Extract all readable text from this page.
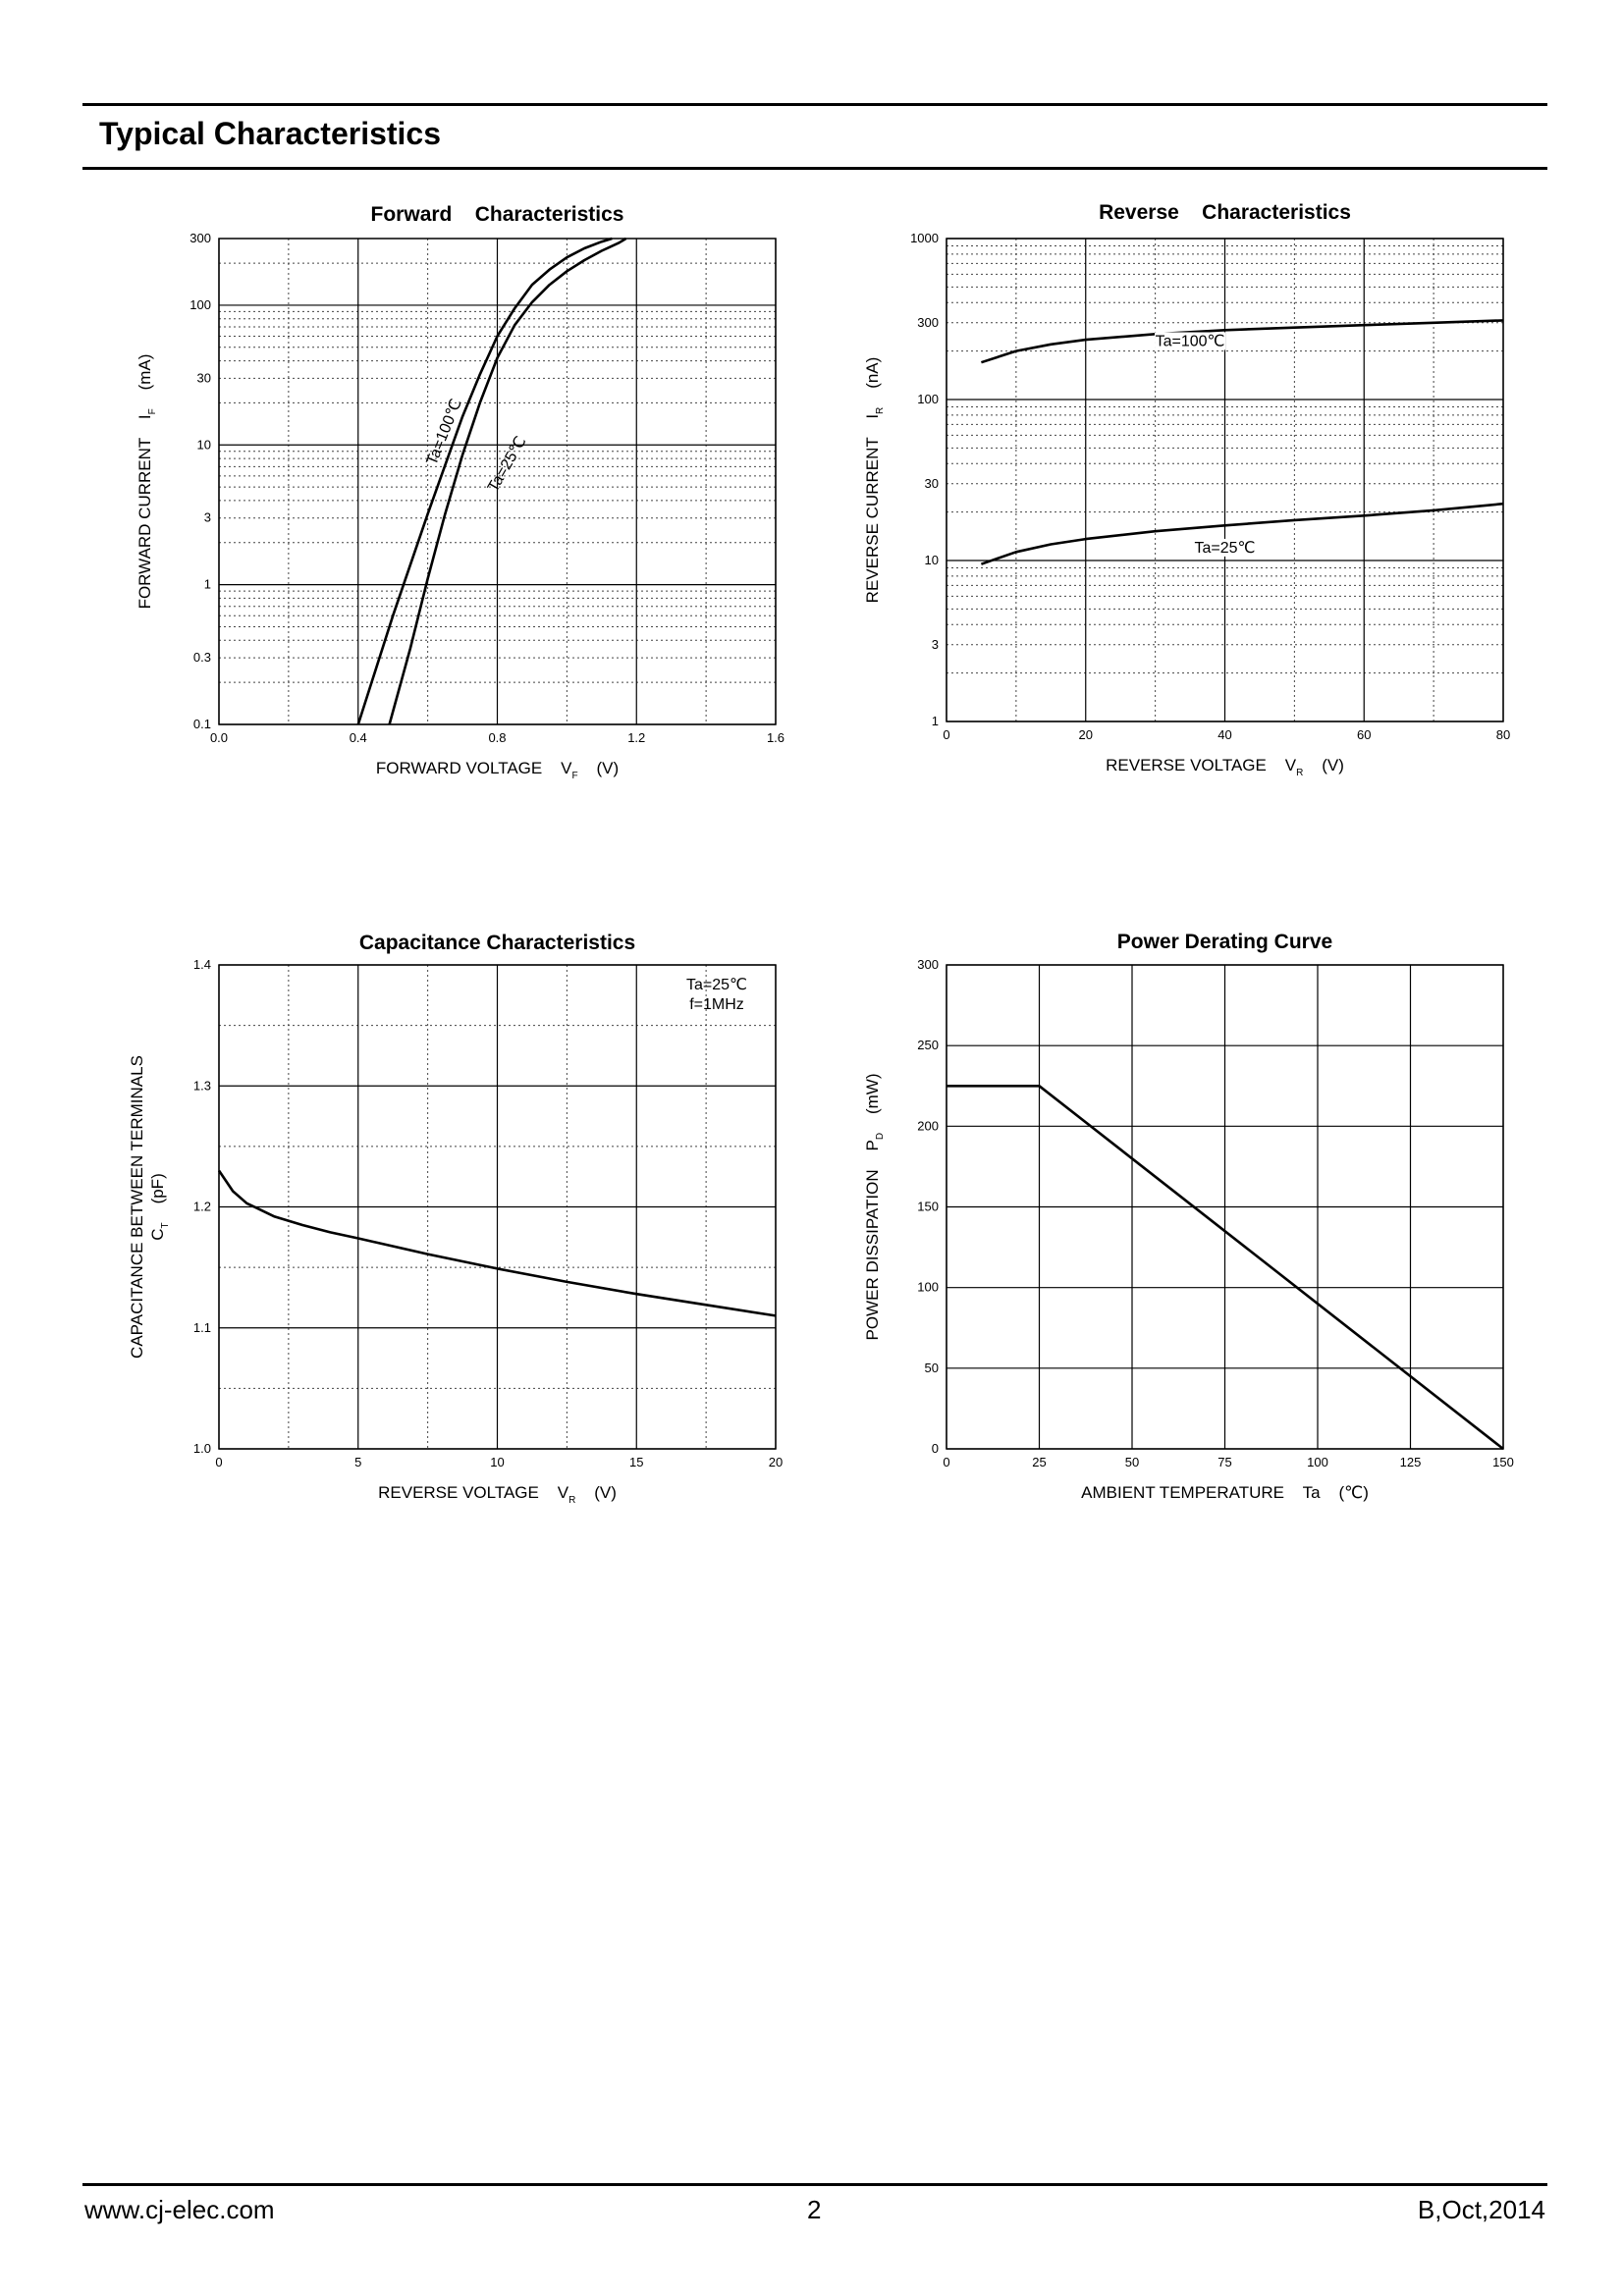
Typical Characteristics
0.0	0.4	0.8	1.2	1.6
0.1
0.3
1
3
10
30
100
300
Forward    Characteristics
FORWARD VOLTAGE    $V_F$    (V)
FORWARD CURRENT    $I_F$    (mA)
Ta=100℃ Ta=25℃
0	20	40	60	80
1
3
10
30
100
300
1000
Reverse    Characteristics
REVERSE VOLTAGE    $V_R$    (V)
REVERSE CURRENT    $I_R$    (nA)
Ta=100℃
Ta=25℃
0	5	10	15	20
1.0
1.1
1.2
1.3
1.4
Capacitance Characteristics
REVERSE VOLTAGE    $V_R$    (V)
CAPACITANCE BETWEEN TERMINALS $C_T$    (pF)
Ta=25℃
f=1MHz
0	25	50	75	100	125	150
0
50
100
150
200
250
300
Power Derating Curve
AMBIENT TEMPERATURE    Ta    (℃)
POWER DISSIPATION    $P_D$    (mW)
www.cj-elec.com	2	B,Oct,2014
